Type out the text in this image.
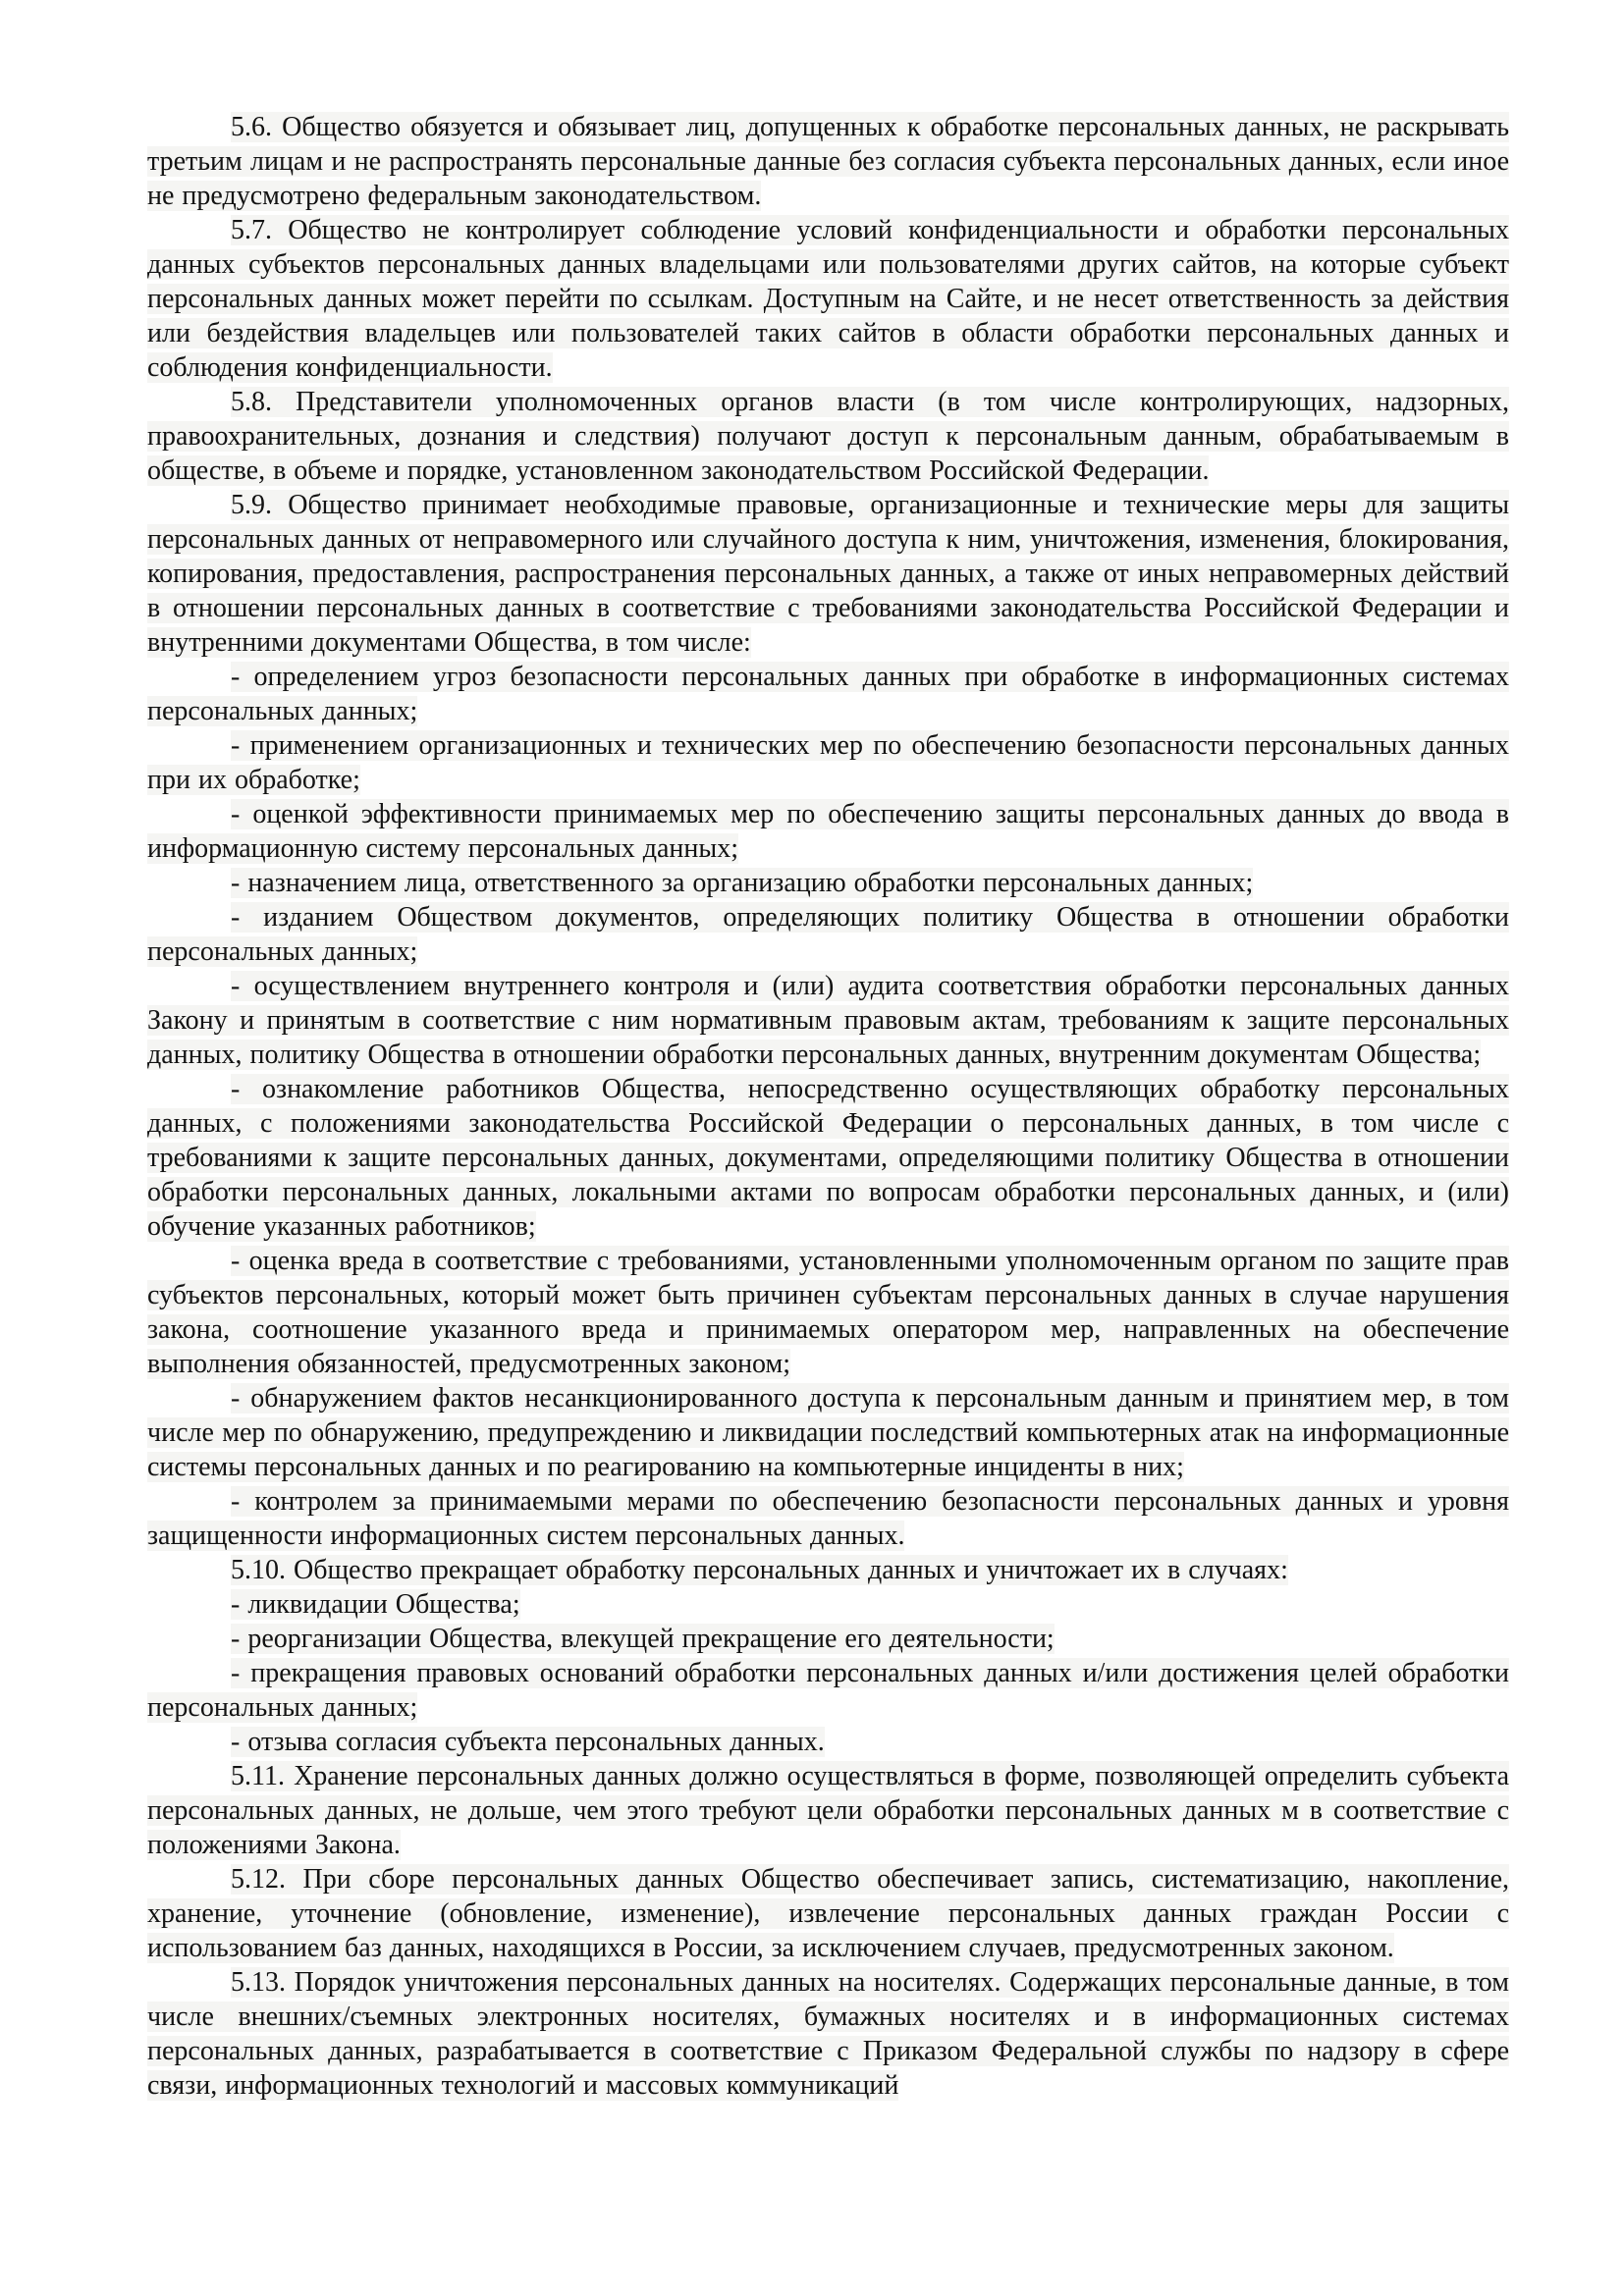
5.6. Общество обязуется и обязывает лиц, допущенных к обработке персональных данных, не раскрывать третьим лицам и не распространять персональные данные без согласия субъекта персональных данных, если иное не предусмотрено федеральным законодательством.

5.7. Общество не контролирует соблюдение условий конфиденциальности и обработки персональных данных субъектов персональных данных владельцами или пользователями других сайтов, на которые субъект персональных данных может перейти по ссылкам. Доступным на Сайте, и не несет ответственность за действия или бездействия владельцев или пользователей таких сайтов в области обработки персональных данных и соблюдения конфиденциальности.

5.8. Представители уполномоченных органов власти (в том числе контролирующих, надзорных, правоохранительных, дознания и следствия) получают доступ к персональным данным, обрабатываемым в обществе, в объеме и порядке, установленном законодательством Российской Федерации.

5.9. Общество принимает необходимые правовые, организационные и технические меры для защиты персональных данных от неправомерного или случайного доступа к ним, уничтожения, изменения, блокирования, копирования, предоставления, распространения персональных данных, а также от иных неправомерных действий в отношении персональных данных в соответствие с требованиями законодательства Российской Федерации и внутренними документами Общества, в том числе:

- определением угроз безопасности персональных данных при обработке в информационных системах персональных данных;

- применением организационных и технических мер по обеспечению безопасности персональных данных при их обработке;

- оценкой эффективности принимаемых мер по обеспечению защиты персональных данных до ввода в информационную систему персональных данных;

- назначением лица, ответственного за организацию обработки персональных данных;

- изданием Обществом документов, определяющих политику Общества в отношении обработки персональных данных;

- осуществлением внутреннего контроля и (или) аудита соответствия обработки персональных данных Закону и принятым в соответствие с ним нормативным правовым актам, требованиям к защите персональных данных, политику Общества в отношении обработки персональных данных, внутренним документам Общества;

- ознакомление работников Общества, непосредственно осуществляющих обработку персональных данных, с положениями законодательства Российской Федерации о персональных данных, в том числе с требованиями к защите персональных данных, документами, определяющими политику Общества в отношении обработки персональных данных, локальными актами по вопросам обработки персональных данных, и (или) обучение указанных работников;

- оценка вреда в соответствие с требованиями, установленными уполномоченным органом по защите прав субъектов персональных, который может быть причинен субъектам персональных данных в случае нарушения закона, соотношение указанного вреда и принимаемых оператором мер, направленных на обеспечение выполнения обязанностей, предусмотренных законом;

- обнаружением фактов несанкционированного доступа к персональным данным и принятием мер, в том числе мер по обнаружению, предупреждению и ликвидации последствий компьютерных атак на информационные системы персональных данных и по реагированию на компьютерные инциденты в них;

- контролем за принимаемыми мерами по обеспечению безопасности персональных данных и уровня защищенности информационных систем персональных данных.

5.10. Общество прекращает обработку персональных данных и уничтожает их в случаях:

- ликвидации Общества;

- реорганизации Общества, влекущей прекращение его деятельности;

- прекращения правовых оснований обработки персональных данных и/или достижения целей обработки персональных данных;

- отзыва согласия субъекта персональных данных.

5.11. Хранение персональных данных должно осуществляться в форме, позволяющей определить субъекта персональных данных, не дольше, чем этого требуют цели обработки персональных данных м в соответствие с положениями Закона.

5.12. При сборе персональных данных Общество обеспечивает запись, систематизацию, накопление, хранение, уточнение (обновление, изменение), извлечение персональных данных граждан России с использованием баз данных, находящихся в России, за исключением случаев, предусмотренных законом.

5.13. Порядок уничтожения персональных данных на носителях. Содержащих персональные данные, в том числе внешних/съемных электронных носителях, бумажных носителях и в информационных системах персональных данных, разрабатывается в соответствие с Приказом Федеральной службы по надзору в сфере связи, информационных технологий и массовых коммуникаций
